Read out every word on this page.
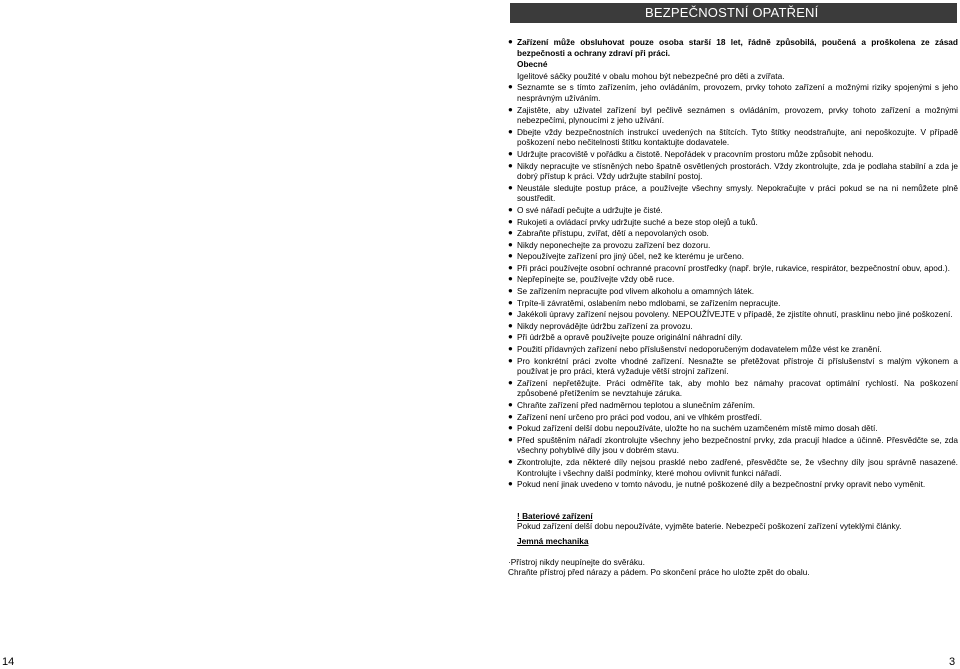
BEZPEČNOSTNÍ OPATŘENÍ
● Zařízení může obsluhovat pouze osoba starší 18 let, řádně způsobilá, poučená a proškolena ze zásad bezpečnosti a ochrany zdraví při práci.
Obecné
Igelitové sáčky použité v obalu mohou být nebezpečné pro děti a zvířata.
● Seznamte se s tímto zařízením, jeho ovládáním, provozem, prvky tohoto zařízení a možnými riziky spojenými s jeho nesprávným užíváním.
● Zajistěte, aby uživatel zařízení byl pečlivě seznámen s ovládáním, provozem, prvky tohoto zařízení a možnými nebezpečími, plynoucími z jeho užívání.
● Dbejte vždy bezpečnostních instrukcí uvedených na štítcích. Tyto štítky neodstraňujte, ani nepoškozujte. V případě poškození nebo nečitelnosti štítku kontaktujte dodavatele.
● Udržujte pracoviště v pořádku a čistotě. Nepořádek v pracovním prostoru může způsobit nehodu.
● Nikdy nepracujte ve stísněných nebo špatně osvětlených prostorách. Vždy zkontrolujte, zda je podlaha stabilní a zda je dobrý přístup k práci. Vždy udržujte stabilní postoj.
● Neustále sledujte postup práce, a používejte všechny smysly. Nepokračujte v práci pokud se na ni nemůžete plně soustředit.
● O své nářadí pečujte a udržujte je čisté.
● Rukojeti a ovládací prvky udržujte suché a beze stop olejů a tuků.
● Zabraňte přístupu, zvířat, dětí a nepovolaných osob.
● Nikdy neponechejte za provozu zařízení bez dozoru.
● Nepoužívejte zařízení pro jiný účel, než ke kterému je určeno.
● Při práci používejte osobní ochranné pracovní prostředky (např. brýle, rukavice, respirátor, bezpečnostní obuv, apod.).
● Nepřepínejte se, používejte vždy obě ruce.
● Se zařízením nepracujte pod vlivem alkoholu a omamných látek.
● Trpíte-li závratěmi, oslabením nebo mdlobami, se zařízením nepracujte.
● Jakékoli úpravy zařízení nejsou povoleny. NEPOUŽÍVEJTE v případě, že zjistíte ohnutí, prasklinu nebo jiné poškození.
● Nikdy neprovádějte údržbu zařízení za provozu.
● Při údržbě a opravě používejte pouze originální náhradní díly.
● Použití přídavných zařízení nebo příslušenství nedoporučeným dodavatelem může vést ke zranění.
● Pro konkrétní práci zvolte vhodné zařízení. Nesnažte se přetěžovat přístroje či příslušenství s malým výkonem a používat je pro práci, která vyžaduje větší strojní zařízení.
● Zařízení nepřetěžujte. Práci odměříte tak, aby mohlo bez námahy pracovat optimální rychlostí. Na poškození způsobené přetížením se nevztahuje záruka.
● Chraňte zařízení před nadměrnou teplotou a slunečním zářením.
● Zařízení není určeno pro práci pod vodou, ani ve vlhkém prostředí.
● Pokud zařízení delší dobu nepoužíváte, uložte ho na suchém uzamčeném místě mimo dosah dětí.
● Před spuštěním nářadí zkontrolujte všechny jeho bezpečnostní prvky, zda pracují hladce a účinně. Přesvědčte se, zda všechny pohyblivé díly jsou v dobrém stavu.
● Zkontrolujte, zda některé díly nejsou prasklé nebo zadřené, přesvědčte se, že všechny díly jsou správně nasazené. Kontrolujte i všechny další podmínky, které mohou ovlivnit funkci nářadí.
● Pokud není jinak uvedeno v tomto návodu, je nutné poškozené díly a bezpečnostní prvky opravit nebo vyměnit.
! Bateriové zařízení
Pokud zařízení delší dobu nepoužíváte, vyjměte baterie. Nebezpečí poškození zařízení vyteklými články.
Jemná mechanika
·Přístroj nikdy neupínejte do svěráku.
Chraňte přístroj před nárazy a pádem. Po skončení práce ho uložte zpět do obalu.
14	3
